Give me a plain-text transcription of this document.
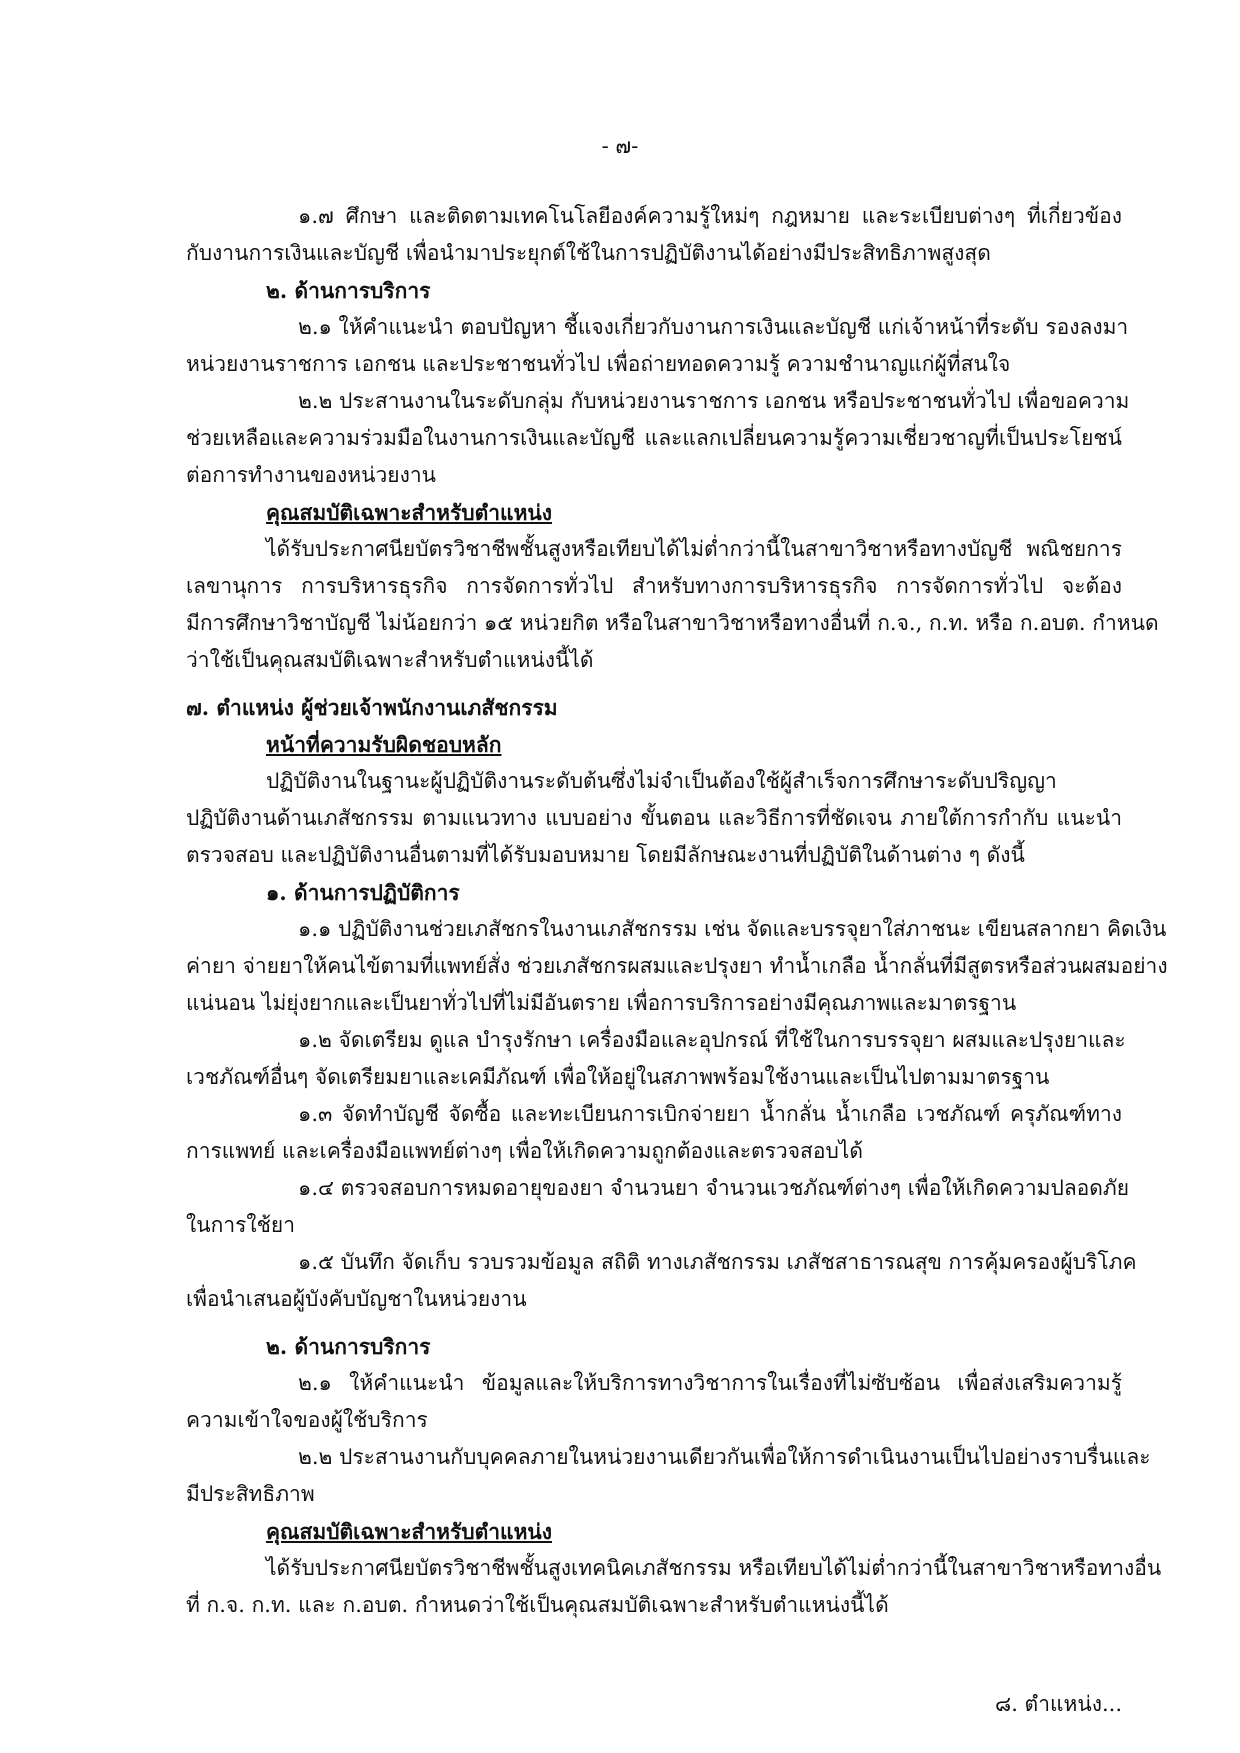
- ๗-
๑.๗ ศึกษา และติดตามเทคโนโลยีองค์ความรู้ใหม่ๆ กฎหมาย และระเบียบต่างๆ ที่เกี่ยวข้อง
กับงานการเงินและบัญชี เพื่อนำมาประยุกต์ใช้ในการปฏิบัติงานได้อย่างมีประสิทธิภาพสูงสุด
๒. ด้านการบริการ
๒.๑ ให้คำแนะนำ ตอบปัญหา ชี้แจงเกี่ยวกับงานการเงินและบัญชี แก่เจ้าหน้าที่ระดับ รองลงมา
หน่วยงานราชการ เอกชน และประชาชนทั่วไป เพื่อถ่ายทอดความรู้ ความชำนาญแก่ผู้ที่สนใจ
๒.๒ ประสานงานในระดับกลุ่ม กับหน่วยงานราชการ เอกชน หรือประชาชนทั่วไป เพื่อขอความ
ช่วยเหลือและความร่วมมือในงานการเงินและบัญชี และแลกเปลี่ยนความรู้ความเชี่ยวชาญที่เป็นประโยชน์
ต่อการทำงานของหน่วยงาน
คุณสมบัติเฉพาะสำหรับตำแหน่ง
ได้รับประกาศนียบัตรวิชาชีพชั้นสูงหรือเทียบได้ไม่ต่ำกว่านี้ในสาขาวิชาหรือทางบัญชี พณิชยการ
เลขานุการ การบริหารธุรกิจ การจัดการทั่วไป สำหรับทางการบริหารธุรกิจ การจัดการทั่วไป จะต้อง
มีการศึกษาวิชาบัญชี ไม่น้อยกว่า ๑๕ หน่วยกิต หรือในสาขาวิชาหรือทางอื่นที่ ก.จ., ก.ท. หรือ ก.อบต. กำหนด
ว่าใช้เป็นคุณสมบัติเฉพาะสำหรับตำแหน่งนี้ได้
๗. ตำแหน่ง ผู้ช่วยเจ้าพนักงานเภสัชกรรม
หน้าที่ความรับผิดชอบหลัก
ปฏิบัติงานในฐานะผู้ปฏิบัติงานระดับต้นซึ่งไม่จำเป็นต้องใช้ผู้สำเร็จการศึกษาระดับปริญญา
ปฏิบัติงานด้านเภสัชกรรม ตามแนวทาง แบบอย่าง ขั้นตอน และวิธีการที่ชัดเจน ภายใต้การกำกับ แนะนำ
ตรวจสอบ และปฏิบัติงานอื่นตามที่ได้รับมอบหมาย โดยมีลักษณะงานที่ปฏิบัติในด้านต่าง ๆ ดังนี้
๑. ด้านการปฏิบัติการ
๑.๑ ปฏิบัติงานช่วยเภสัชกรในงานเภสัชกรรม เช่น จัดและบรรจุยาใส่ภาชนะ เขียนสลากยา คิดเงิน
ค่ายา จ่ายยาให้คนไข้ตามที่แพทย์สั่ง ช่วยเภสัชกรผสมและปรุงยา ทำน้ำเกลือ น้ำกลั่นที่มีสูตรหรือส่วนผสมอย่าง
แน่นอน ไม่ยุ่งยากและเป็นยาทั่วไปที่ไม่มีอันตราย เพื่อการบริการอย่างมีคุณภาพและมาตรฐาน
๑.๒ จัดเตรียม ดูแล บำรุงรักษา เครื่องมือและอุปกรณ์ ที่ใช้ในการบรรจุยา ผสมและปรุงยาและ
เวชภัณฑ์อื่นๆ จัดเตรียมยาและเคมีภัณฑ์ เพื่อให้อยู่ในสภาพพร้อมใช้งานและเป็นไปตามมาตรฐาน
๑.๓ จัดทำบัญชี จัดซื้อ และทะเบียนการเบิกจ่ายยา น้ำกลั่น น้ำเกลือ เวชภัณฑ์ ครุภัณฑ์ทาง
การแพทย์ และเครื่องมือแพทย์ต่างๆ เพื่อให้เกิดความถูกต้องและตรวจสอบได้
๑.๔ ตรวจสอบการหมดอายุของยา จำนวนยา จำนวนเวชภัณฑ์ต่างๆ เพื่อให้เกิดความปลอดภัย
ในการใช้ยา
๑.๕ บันทึก จัดเก็บ รวบรวมข้อมูล สถิติ ทางเภสัชกรรม เภสัชสาธารณสุข การคุ้มครองผู้บริโภค
เพื่อนำเสนอผู้บังคับบัญชาในหน่วยงาน
๒. ด้านการบริการ
๒.๑ ให้คำแนะนำ ข้อมูลและให้บริการทางวิชาการในเรื่องที่ไม่ซับซ้อน เพื่อส่งเสริมความรู้
ความเข้าใจของผู้ใช้บริการ
๒.๒ ประสานงานกับบุคคลภายในหน่วยงานเดียวกันเพื่อให้การดำเนินงานเป็นไปอย่างราบรื่นและ
มีประสิทธิภาพ
คุณสมบัติเฉพาะสำหรับตำแหน่ง
ได้รับประกาศนียบัตรวิชาชีพชั้นสูงเทคนิคเภสัชกรรม หรือเทียบได้ไม่ต่ำกว่านี้ในสาขาวิชาหรือทางอื่น
ที่ ก.จ. ก.ท. และ ก.อบต. กำหนดว่าใช้เป็นคุณสมบัติเฉพาะสำหรับตำแหน่งนี้ได้
๘. ตำแหน่ง...
